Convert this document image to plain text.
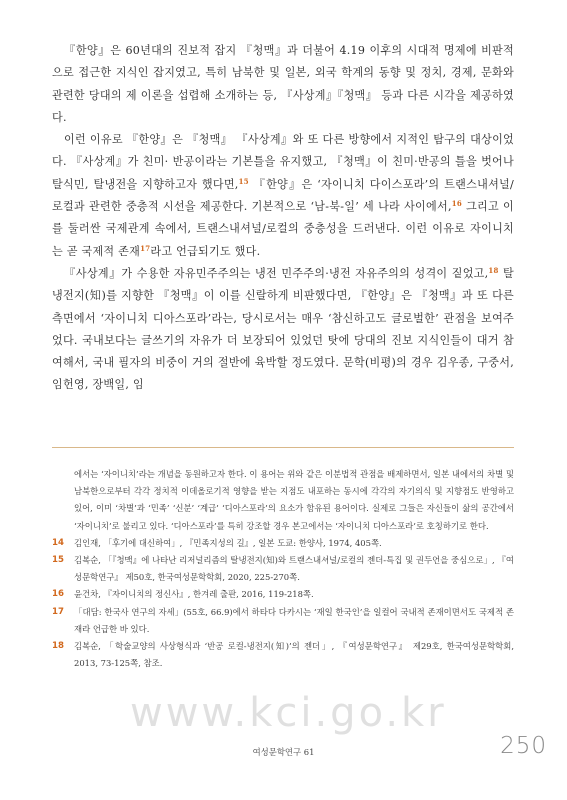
『한양』은 60년대의 진보적 잡지 『청맥』과 더불어 4.19 이후의 시대적 명제에 비판적으로 접근한 지식인 잡지였고, 특히 남북한 및 일본, 외국 학계의 동향 및 정치, 경제, 문화와 관련한 당대의 제 이론을 섭렵해 소개하는 등, 『사상계』『청맥』 등과 다른 시각을 제공하였다.

이런 이유로 『한양』은 『청맥』 『사상계』와 또 다른 방향에서 지적인 탐구의 대상이었다. 『사상계』가 친미· 반공이라는 기본틀을 유지했고, 『청맥』이 친미·반공의 틀을 벗어나 탈식민, 탈냉전을 지향하고자 했다면,$^{15}$ 『한양』은 ‘자이니치 다이스포라’의 트랜스내셔널/로컬과 관련한 중층적 시선을 제공한다. 기본적으로 ‘남-북-일’ 세 나라 사이에서,$^{16}$ 그리고 이를 둘러싼 국제관계 속에서, 트랜스내셔널/로컬의 중층성을 드러낸다. 이런 이유로 자이니치는 곧 국제적 존재$^{17}$라고 언급되기도 했다.

『사상계』가 수용한 자유민주주의는 냉전 민주주의·냉전 자유주의의 성격이 짙었고,$^{18}$ 탈냉전지(知)를 지향한 『청맥』이 이를 신랄하게 비판했다면, 『한양』은 『청맥』과 또 다른 측면에서 ‘자이니치 디아스포라’라는, 당시로서는 매우 ‘참신하고도 글로벌한’ 관점을 보여주었다. 국내보다는 글쓰기의 자유가 더 보장되어 있었던 탓에 당대의 진보 지식인들이 대거 참여해서, 국내 필자의 비중이 거의 절반에 육박할 정도였다. 문학(비평)의 경우 김우종, 구중서, 임헌영, 장백일, 임

에서는 ‘자이니치’라는 개념을 동원하고자 한다. 이 용어는 위와 같은 이분법적 관점을 배제하면서, 일본 내에서의 차별 및 남북한으로부터 각각 정치적 이데올로기적 영향을 받는 지점도 내포하는 동시에 각각의 자기의식 및 지향점도 반영하고 있어, 이미 ‘차별’과 ‘민족’ ‘신분’ ‘계급’ ‘디아스포라’의 요소가 함유된 용어이다. 실제로 그들은 자신들이 삶의 공간에서 ‘자이니치’로 불리고 있다. ‘디아스포라’를 특히 강조할 경우 본고에서는 ‘자이니치 디아스포라’로 호칭하기로 한다.
14 김인재, 「후기에 대신하여」, 『민족지성의 길』, 일본 도쿄: 한양사, 1974, 405쪽.
15 김복순, 「『청맥』에 나타난 리저널리즘의 탈냉전지(知)와 트랜스내셔널/로컬의 젠더-특집 및 권두언을 중심으로」, 『여성문학연구』 제50호, 한국여성문학학회, 2020, 225-270쪽.
16 윤건차, 『자이니치의 정신사』, 한겨레 출판, 2016, 119-218쪽.
17 「대담: 한국사 연구의 자세」(55호, 66.9)에서 하타다 다카시는 ‘재일 한국인’을 일컬어 국내적 존재이면서도 국제적 존재라 언급한 바 있다.
18 김복순, 「학술교양의 사상형식과 ‘반공 로컬-냉전지(知)’의 젠더」, 『여성문학연구』 제29호, 한국여성문학학회, 2013, 73-125쪽, 참조.
www.kci.go.kr
여성문학연구 61	250
